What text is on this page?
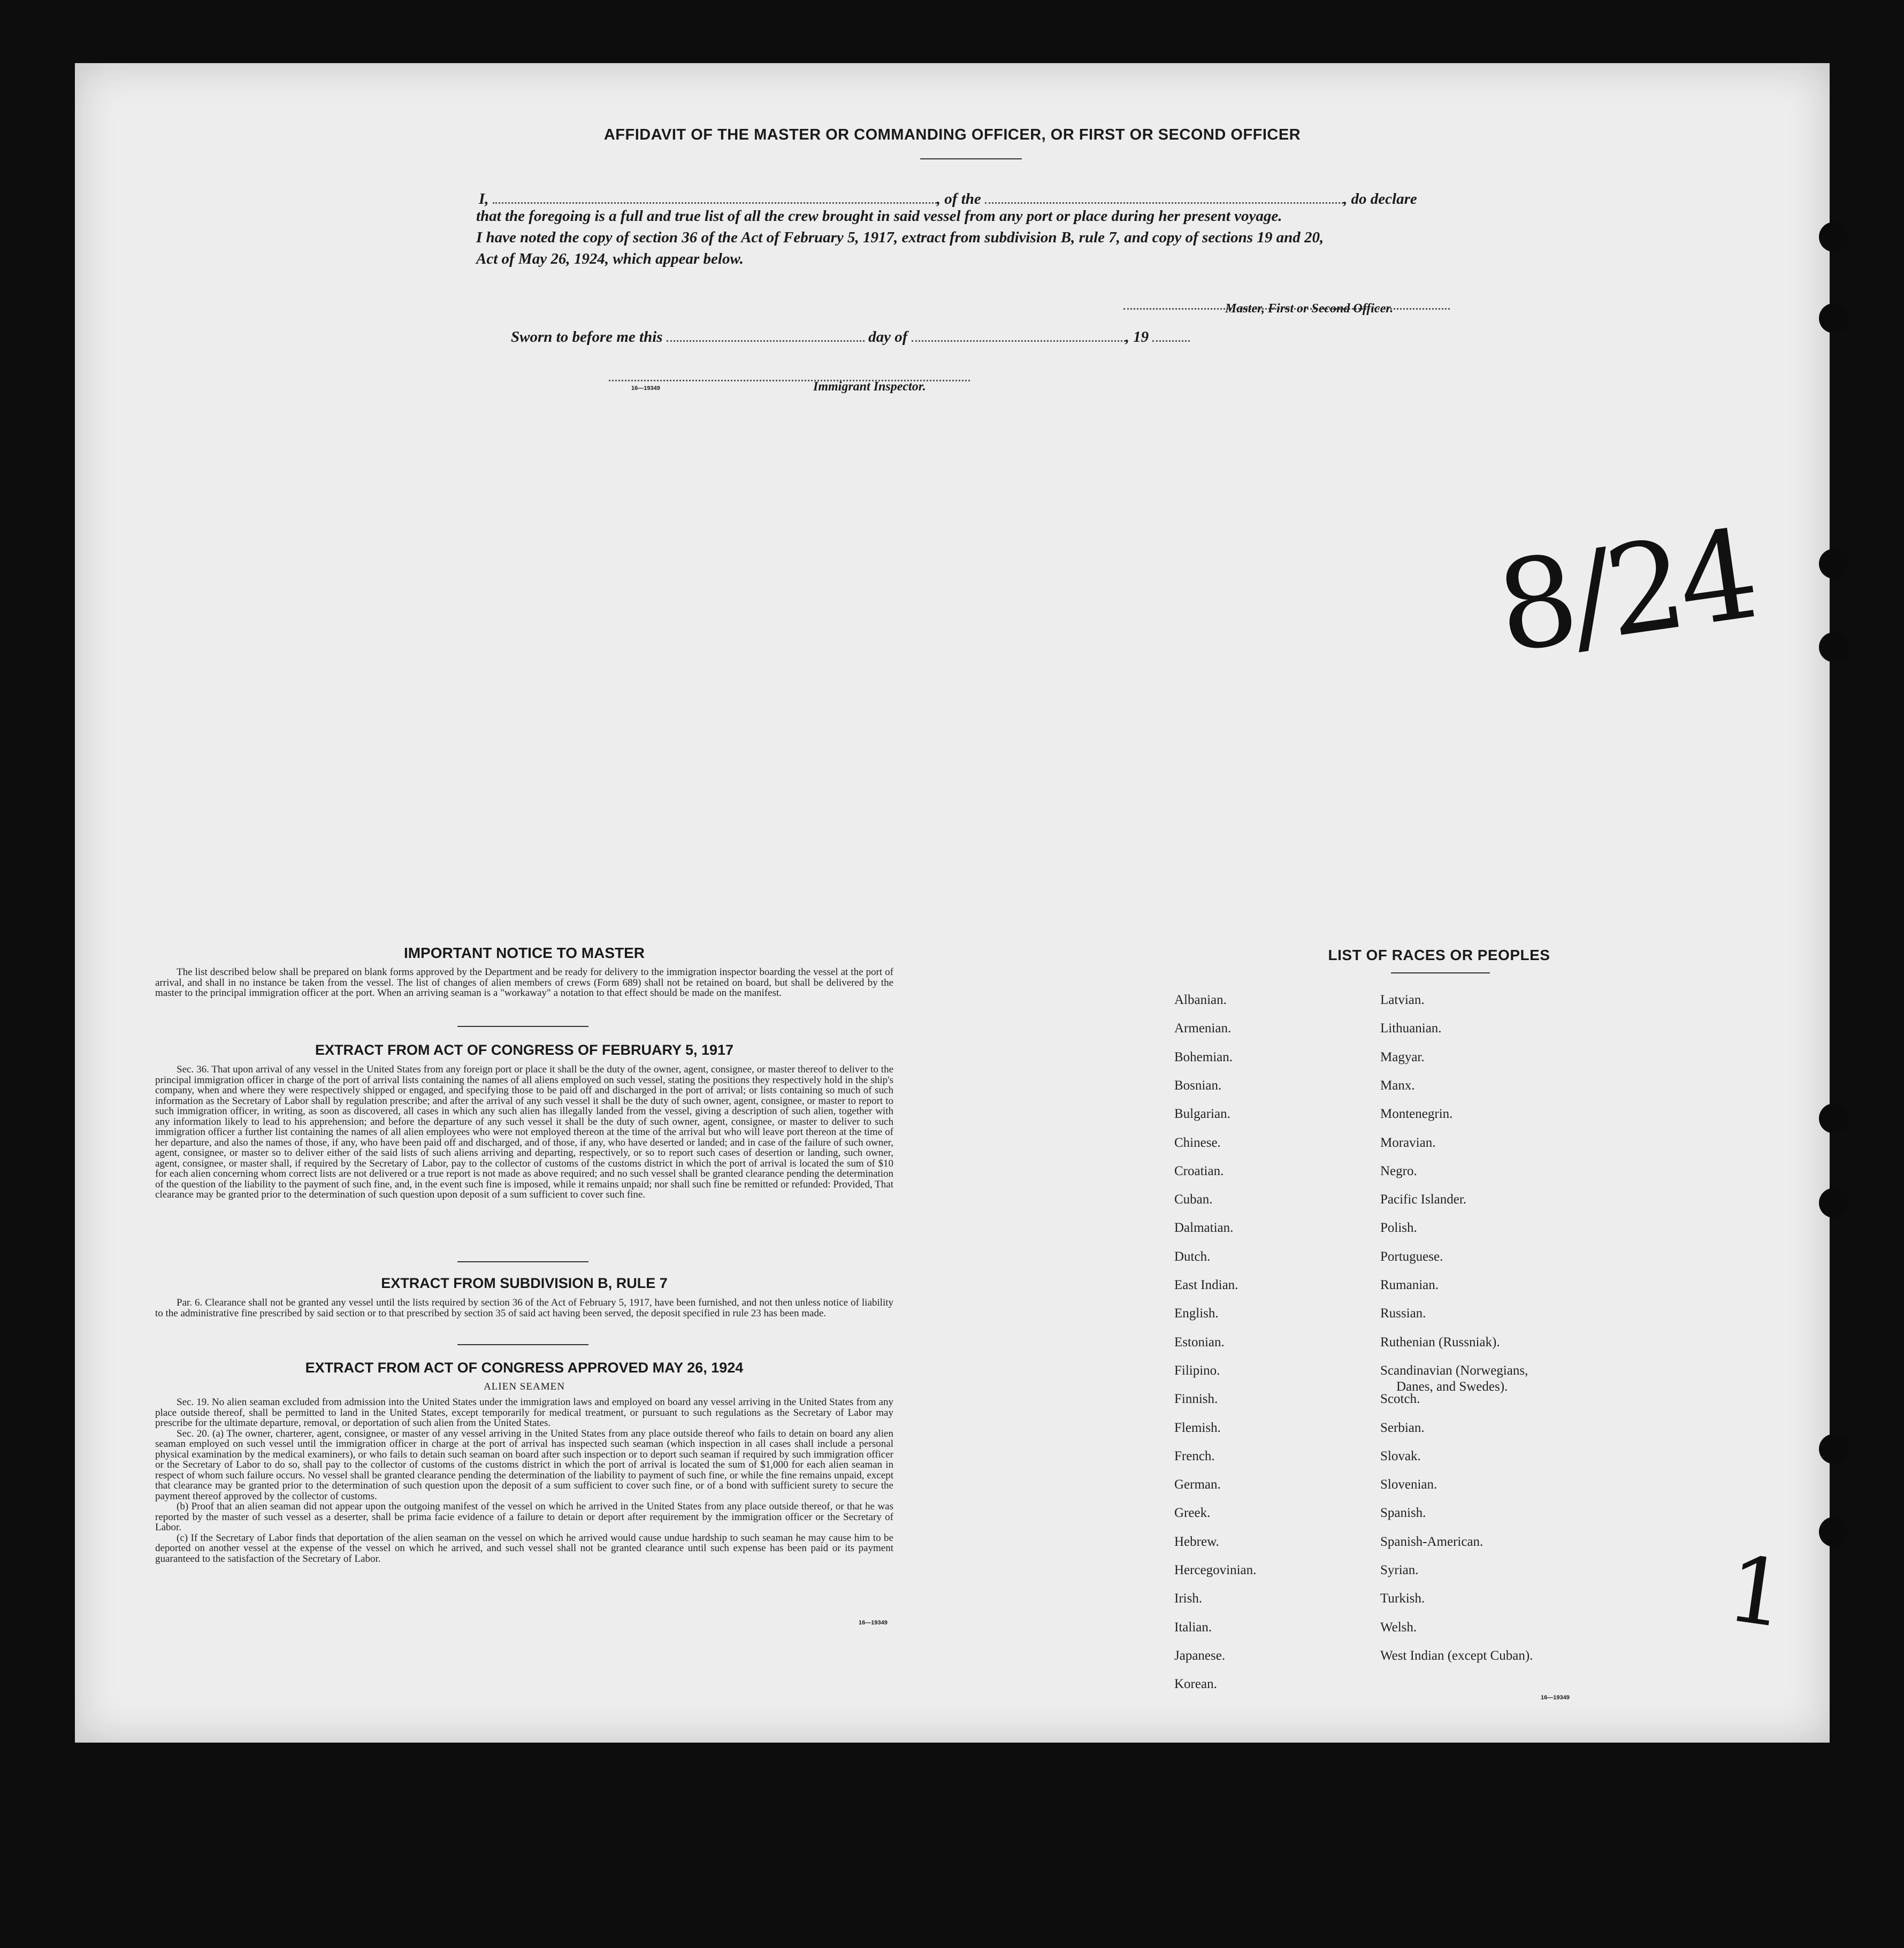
AFFIDAVIT OF THE MASTER OR COMMANDING OFFICER, OR FIRST OR SECOND OFFICER
I,	, of the	, do declare
that the foregoing is a full and true list of all the crew brought in said vessel from any port or place during her present voyage.
I have noted the copy of section 36 of the Act of February 5, 1917, extract from subdivision B, rule 7, and copy of sections 19 and 20,
Act of May 26, 1924, which appear below.
Master, First or Second Officer.
Sworn to before me this	day of	, 19
16—19349	Immigrant Inspector.
8/24
1
IMPORTANT NOTICE TO MASTER

The list described below shall be prepared on blank forms approved by the Department and be ready for delivery to the immigration inspector boarding the vessel at the port of arrival, and shall in no instance be taken from the vessel. The list of changes of alien members of crews (Form 689) shall not be retained on board, but shall be delivered by the master to the principal immigration officer at the port. When an arriving seaman is a "workaway" a notation to that effect should be made on the manifest.

EXTRACT FROM ACT OF CONGRESS OF FEBRUARY 5, 1917

Sec. 36. That upon arrival of any vessel in the United States from any foreign port or place it shall be the duty of the owner, agent, consignee, or master thereof to deliver to the principal immigration officer in charge of the port of arrival lists containing the names of all aliens employed on such vessel, stating the positions they respectively hold in the ship's company, when and where they were respectively shipped or engaged, and specifying those to be paid off and discharged in the port of arrival; or lists containing so much of such information as the Secretary of Labor shall by regulation prescribe; and after the arrival of any such vessel it shall be the duty of such owner, agent, consignee, or master to report to such immigration officer, in writing, as soon as discovered, all cases in which any such alien has illegally landed from the vessel, giving a description of such alien, together with any information likely to lead to his apprehension; and before the departure of any such vessel it shall be the duty of such owner, agent, consignee, or master to deliver to such immigration officer a further list containing the names of all alien employees who were not employed thereon at the time of the arrival but who will leave port thereon at the time of her departure, and also the names of those, if any, who have been paid off and discharged, and of those, if any, who have deserted or landed; and in case of the failure of such owner, agent, consignee, or master so to deliver either of the said lists of such aliens arriving and departing, respectively, or so to report such cases of desertion or landing, such owner, agent, consignee, or master shall, if required by the Secretary of Labor, pay to the collector of customs of the customs district in which the port of arrival is located the sum of $10 for each alien concerning whom correct lists are not delivered or a true report is not made as above required; and no such vessel shall be granted clearance pending the determination of the question of the liability to the payment of such fine, and, in the event such fine is imposed, while it remains unpaid; nor shall such fine be remitted or refunded: Provided, That clearance may be granted prior to the determination of such question upon deposit of a sum sufficient to cover such fine.

EXTRACT FROM SUBDIVISION B, RULE 7

Par. 6. Clearance shall not be granted any vessel until the lists required by section 36 of the Act of February 5, 1917, have been furnished, and not then unless notice of liability to the administrative fine prescribed by said section or to that prescribed by section 35 of said act having been served, the deposit specified in rule 23 has been made.

EXTRACT FROM ACT OF CONGRESS APPROVED MAY 26, 1924
ALIEN SEAMEN

Sec. 19. No alien seaman excluded from admission into the United States under the immigration laws and employed on board any vessel arriving in the United States from any place outside thereof, shall be permitted to land in the United States, except temporarily for medical treatment, or pursuant to such regulations as the Secretary of Labor may prescribe for the ultimate departure, removal, or deportation of such alien from the United States.

Sec. 20. (a) The owner, charterer, agent, consignee, or master of any vessel arriving in the United States from any place outside thereof who fails to detain on board any alien seaman employed on such vessel until the immigration officer in charge at the port of arrival has inspected such seaman (which inspection in all cases shall include a personal physical examination by the medical examiners), or who fails to detain such seaman on board after such inspection or to deport such seaman if required by such immigration officer or the Secretary of Labor to do so, shall pay to the collector of customs of the customs district in which the port of arrival is located the sum of $1,000 for each alien seaman in respect of whom such failure occurs. No vessel shall be granted clearance pending the determination of the liability to payment of such fine, or while the fine remains unpaid, except that clearance may be granted prior to the determination of such question upon the deposit of a sum sufficient to cover such fine, or of a bond with sufficient surety to secure the payment thereof approved by the collector of customs.

(b) Proof that an alien seaman did not appear upon the outgoing manifest of the vessel on which he arrived in the United States from any place outside thereof, or that he was reported by the master of such vessel as a deserter, shall be prima facie evidence of a failure to detain or deport after requirement by the immigration officer or the Secretary of Labor.

(c) If the Secretary of Labor finds that deportation of the alien seaman on the vessel on which he arrived would cause undue hardship to such seaman he may cause him to be deported on another vessel at the expense of the vessel on which he arrived, and such vessel shall not be granted clearance until such expense has been paid or its payment guaranteed to the satisfaction of the Secretary of Labor.

16—19349
LIST OF RACES OR PEOPLES
Albanian.
Armenian.
Bohemian.
Bosnian.
Bulgarian.
Chinese.
Croatian.
Cuban.
Dalmatian.
Dutch.
East Indian.
English.
Estonian.
Filipino.
Finnish.
Flemish.
French.
German.
Greek.
Hebrew.
Hercegovinian.
Irish.
Italian.
Japanese.
Korean.
Latvian.
Lithuanian.
Magyar.
Manx.
Montenegrin.
Moravian.
Negro.
Pacific Islander.
Polish.
Portuguese.
Rumanian.
Russian.
Ruthenian (Russniak).
Scandinavian (Norwegians,
Danes, and Swedes).
Scotch.
Serbian.
Slovak.
Slovenian.
Spanish.
Spanish-American.
Syrian.
Turkish.
Welsh.
West Indian (except Cuban).
16—19349
